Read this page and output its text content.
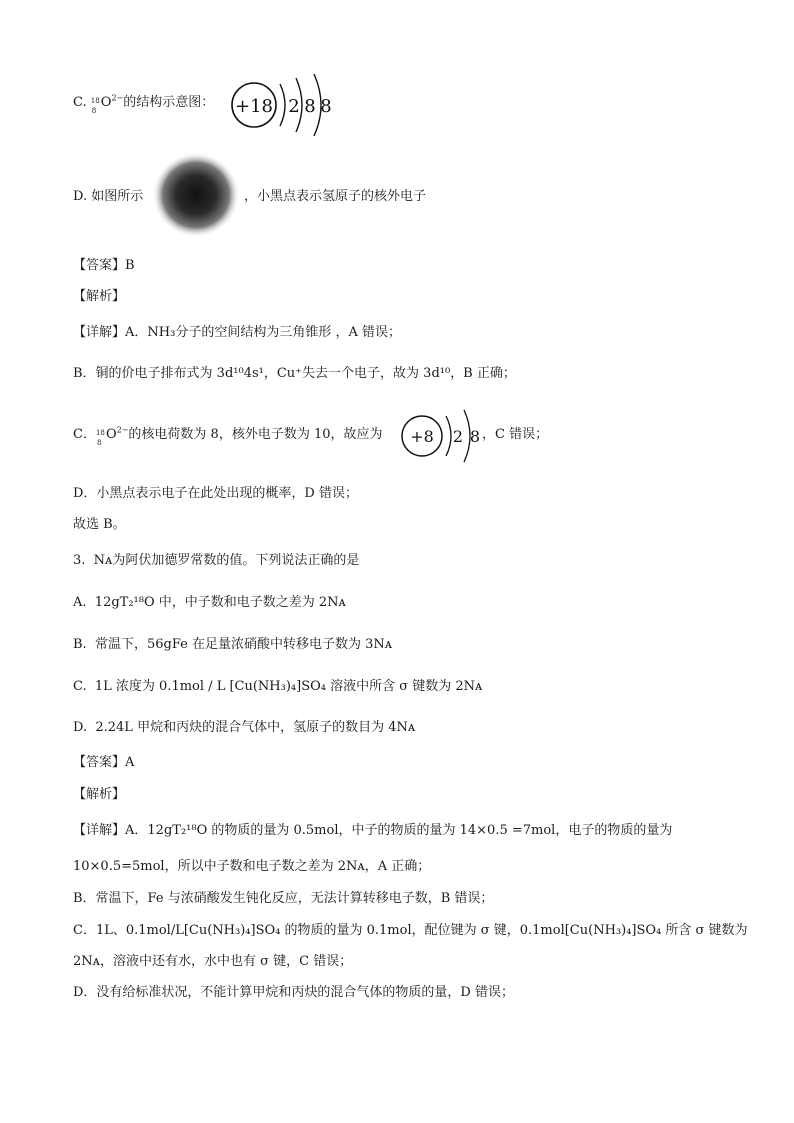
C. 18
8
$O^{2-}$的结构示意图： +18 2 8 8
D. 如图所示	，小黑点表示氢原子的核外电子
【答案】B
【解析】
【详解】A．NH₃分子的空间结构为三角锥形 ，A 错误；
B．铜的价电子排布式为 3d¹⁰4s¹，Cu⁺失去一个电子，故为 3d¹⁰，B 正确；
C． 18
8
$O^{2-}$的核电荷数为 8，核外电子数为 10，故应为 +8 2 8 ，C 错误；
D．小黑点表示电子在此处出现的概率，D 错误；
故选 B。
3. Nᴀ为阿伏加德罗常数的值。下列说法正确的是
A. 12gT₂¹⁸O 中，中子数和电子数之差为 2Nᴀ
B. 常温下，56gFe 在足量浓硝酸中转移电子数为 3Nᴀ
C. 1L 浓度为 0.1mol / L [Cu(NH₃)₄]SO₄ 溶液中所含 σ 键数为 2Nᴀ
D. 2.24L 甲烷和丙炔的混合气体中，氢原子的数目为 4Nᴀ
【答案】A
【解析】
【详解】A．12gT₂¹⁸O 的物质的量为 0.5mol，中子的物质的量为 14×0.5 =7mol，电子的物质的量为
10×0.5=5mol，所以中子数和电子数之差为 2Nᴀ，A 正确；
B．常温下，Fe 与浓硝酸发生钝化反应，无法计算转移电子数，B 错误；
C．1L、0.1mol/L[Cu(NH₃)₄]SO₄ 的物质的量为 0.1mol，配位键为 σ 键，0.1mol[Cu(NH₃)₄]SO₄ 所含 σ 键数为
2Nᴀ，溶液中还有水，水中也有 σ 键，C 错误；
D．没有给标准状况，不能计算甲烷和丙炔的混合气体的物质的量，D 错误；
